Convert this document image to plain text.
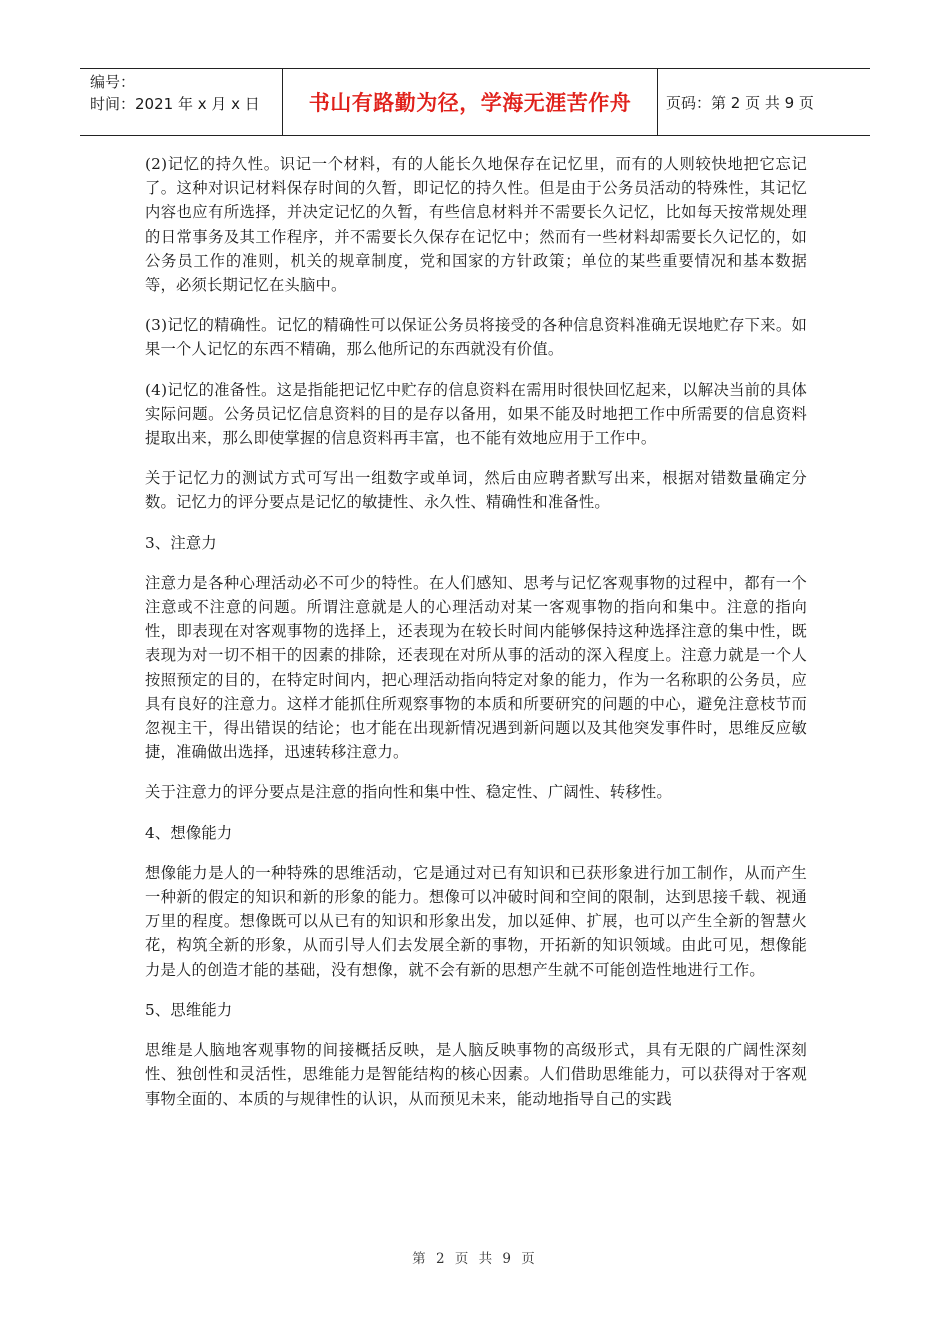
编号：
时间：2021 年 x 月 x 日	书山有路勤为径，学海无涯苦作舟	页码：第 2 页 共 9 页

(2)记忆的持久性。识记一个材料，有的人能长久地保存在记忆里，而有的人则较快地把它忘记了。这种对识记材料保存时间的久暂，即记忆的持久性。但是由于公务员活动的特殊性，其记忆内容也应有所选择，并决定记忆的久暂，有些信息材料并不需要长久记忆，比如每天按常规处理的日常事务及其工作程序，并不需要长久保存在记忆中；然而有一些材料却需要长久记忆的，如公务员工作的准则，机关的规章制度，党和国家的方针政策；单位的某些重要情况和基本数据等，必须长期记忆在头脑中。

(3)记忆的精确性。记忆的精确性可以保证公务员将接受的各种信息资料准确无误地贮存下来。如果一个人记忆的东西不精确，那么他所记的东西就没有价值。

(4)记忆的准备性。这是指能把记忆中贮存的信息资料在需用时很快回忆起来，以解决当前的具体实际问题。公务员记忆信息资料的目的是存以备用，如果不能及时地把工作中所需要的信息资料提取出来，那么即使掌握的信息资料再丰富，也不能有效地应用于工作中。

关于记忆力的测试方式可写出一组数字或单词，然后由应聘者默写出来，根据对错数量确定分数。记忆力的评分要点是记忆的敏捷性、永久性、精确性和准备性。

3、注意力

注意力是各种心理活动必不可少的特性。在人们感知、思考与记忆客观事物的过程中，都有一个注意或不注意的问题。所谓注意就是人的心理活动对某一客观事物的指向和集中。注意的指向性，即表现在对客观事物的选择上，还表现为在较长时间内能够保持这种选择注意的集中性，既表现为对一切不相干的因素的排除，还表现在对所从事的活动的深入程度上。注意力就是一个人按照预定的目的，在特定时间内，把心理活动指向特定对象的能力，作为一名称职的公务员，应具有良好的注意力。这样才能抓住所观察事物的本质和所要研究的问题的中心，避免注意枝节而忽视主干，得出错误的结论；也才能在出现新情况遇到新问题以及其他突发事件时，思维反应敏捷，准确做出选择，迅速转移注意力。

关于注意力的评分要点是注意的指向性和集中性、稳定性、广阔性、转移性。

4、想像能力

想像能力是人的一种特殊的思维活动，它是通过对已有知识和已获形象进行加工制作，从而产生一种新的假定的知识和新的形象的能力。想像可以冲破时间和空间的限制，达到思接千载、视通万里的程度。想像既可以从已有的知识和形象出发，加以延伸、扩展，也可以产生全新的智慧火花，构筑全新的形象，从而引导人们去发展全新的事物，开拓新的知识领域。由此可见，想像能力是人的创造才能的基础，没有想像，就不会有新的思想产生就不可能创造性地进行工作。

5、思维能力

思维是人脑地客观事物的间接概括反映，是人脑反映事物的高级形式，具有无限的广阔性深刻性、独创性和灵活性，思维能力是智能结构的核心因素。人们借助思维能力，可以获得对于客观事物全面的、本质的与规律性的认识，从而预见未来，能动地指导自己的实践

第 2 页 共 9 页
